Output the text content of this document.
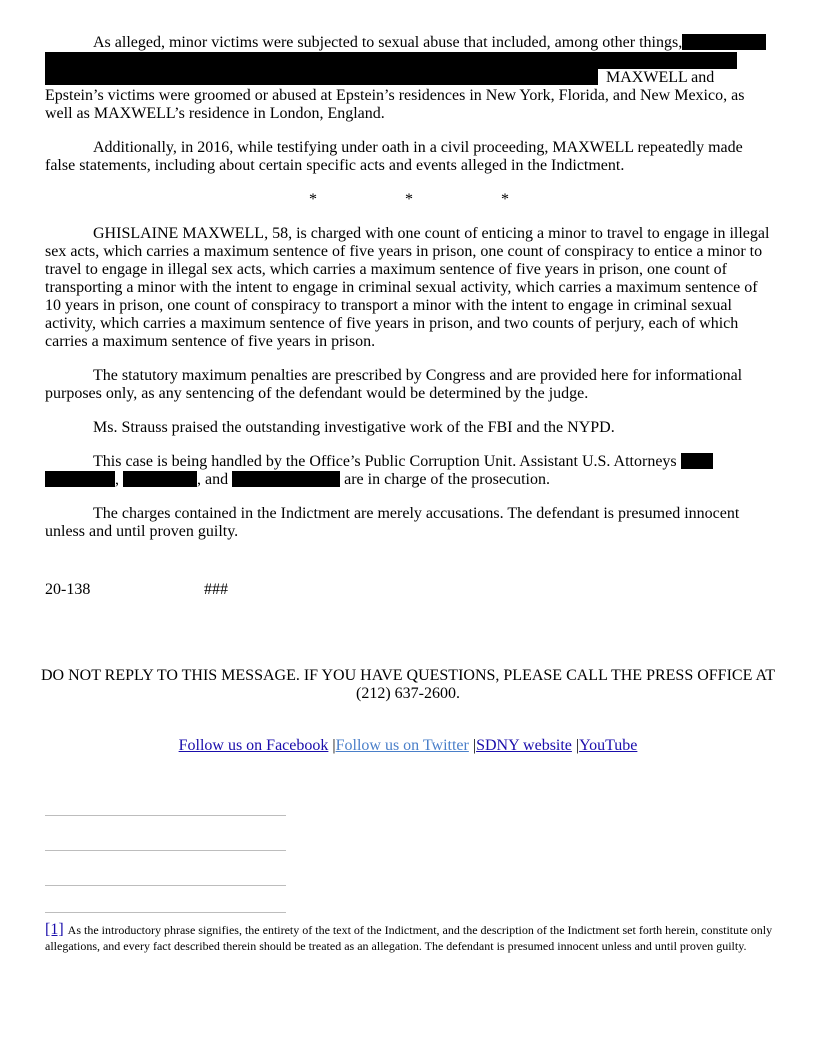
As alleged, minor victims were subjected to sexual abuse that included, among other things,

MAXWELL and
Epstein’s victims were groomed or abused at Epstein’s residences in New York, Florida, and New Mexico, as well as MAXWELL’s residence in London, England.

Additionally, in 2016, while testifying under oath in a civil proceeding, MAXWELL repeatedly made false statements, including about certain specific acts and events alleged in the Indictment.

*	*	*

GHISLAINE MAXWELL, 58, is charged with one count of enticing a minor to travel to engage in illegal sex acts, which carries a maximum sentence of five years in prison, one count of conspiracy to entice a minor to travel to engage in illegal sex acts, which carries a maximum sentence of five years in prison, one count of transporting a minor with the intent to engage in criminal sexual activity, which carries a maximum sentence of 10 years in prison, one count of conspiracy to transport a minor with the intent to engage in criminal sexual activity, which carries a maximum sentence of five years in prison, and two counts of perjury, each of which carries a maximum sentence of five years in prison.

The statutory maximum penalties are prescribed by Congress and are provided here for informational purposes only, as any sentencing of the defendant would be determined by the judge.

Ms. Strauss praised the outstanding investigative work of the FBI and the NYPD.

This case is being handled by the Office’s Public Corruption Unit. Assistant U.S. Attorneys
,	, and	are in charge of the prosecution.

The charges contained in the Indictment are merely accusations. The defendant is presumed innocent unless and until proven guilty.

20-138	###
DO NOT REPLY TO THIS MESSAGE. IF YOU HAVE QUESTIONS, PLEASE CALL THE PRESS OFFICE AT (212) 637-2600.
Follow us on Facebook |Follow us on Twitter |SDNY website |YouTube
[1] As the introductory phrase signifies, the entirety of the text of the Indictment, and the description of the Indictment set forth herein, constitute only allegations, and every fact described therein should be treated as an allegation. The defendant is presumed innocent unless and until proven guilty.
